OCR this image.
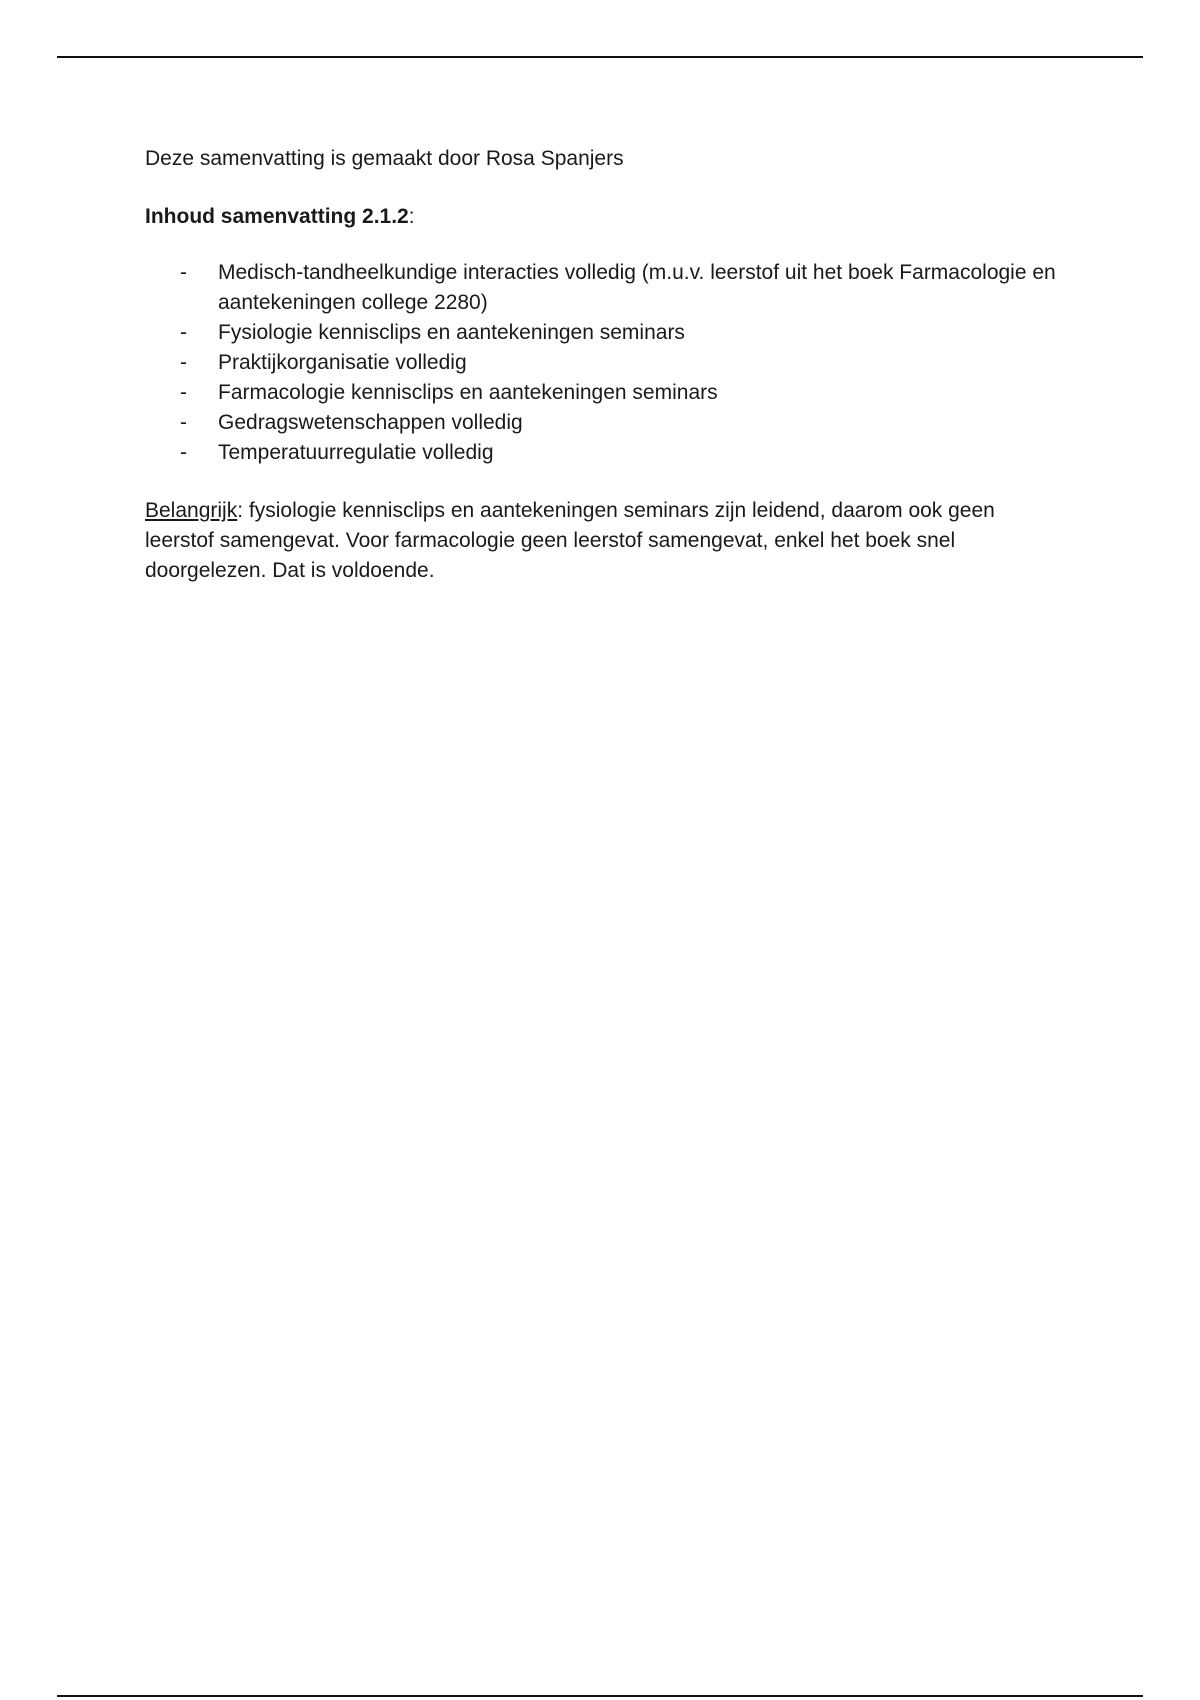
Deze samenvatting is gemaakt door Rosa Spanjers

Inhoud samenvatting 2.1.2:

- Medisch-tandheelkundige interacties volledig (m.u.v. leerstof uit het boek Farmacologie en aantekeningen college 2280)
- Fysiologie kennisclips en aantekeningen seminars
- Praktijkorganisatie volledig
- Farmacologie kennisclips en aantekeningen seminars
- Gedragswetenschappen volledig
- Temperatuurregulatie volledig

Belangrijk: fysiologie kennisclips en aantekeningen seminars zijn leidend, daarom ook geen leerstof samengevat. Voor farmacologie geen leerstof samengevat, enkel het boek snel doorgelezen. Dat is voldoende.
